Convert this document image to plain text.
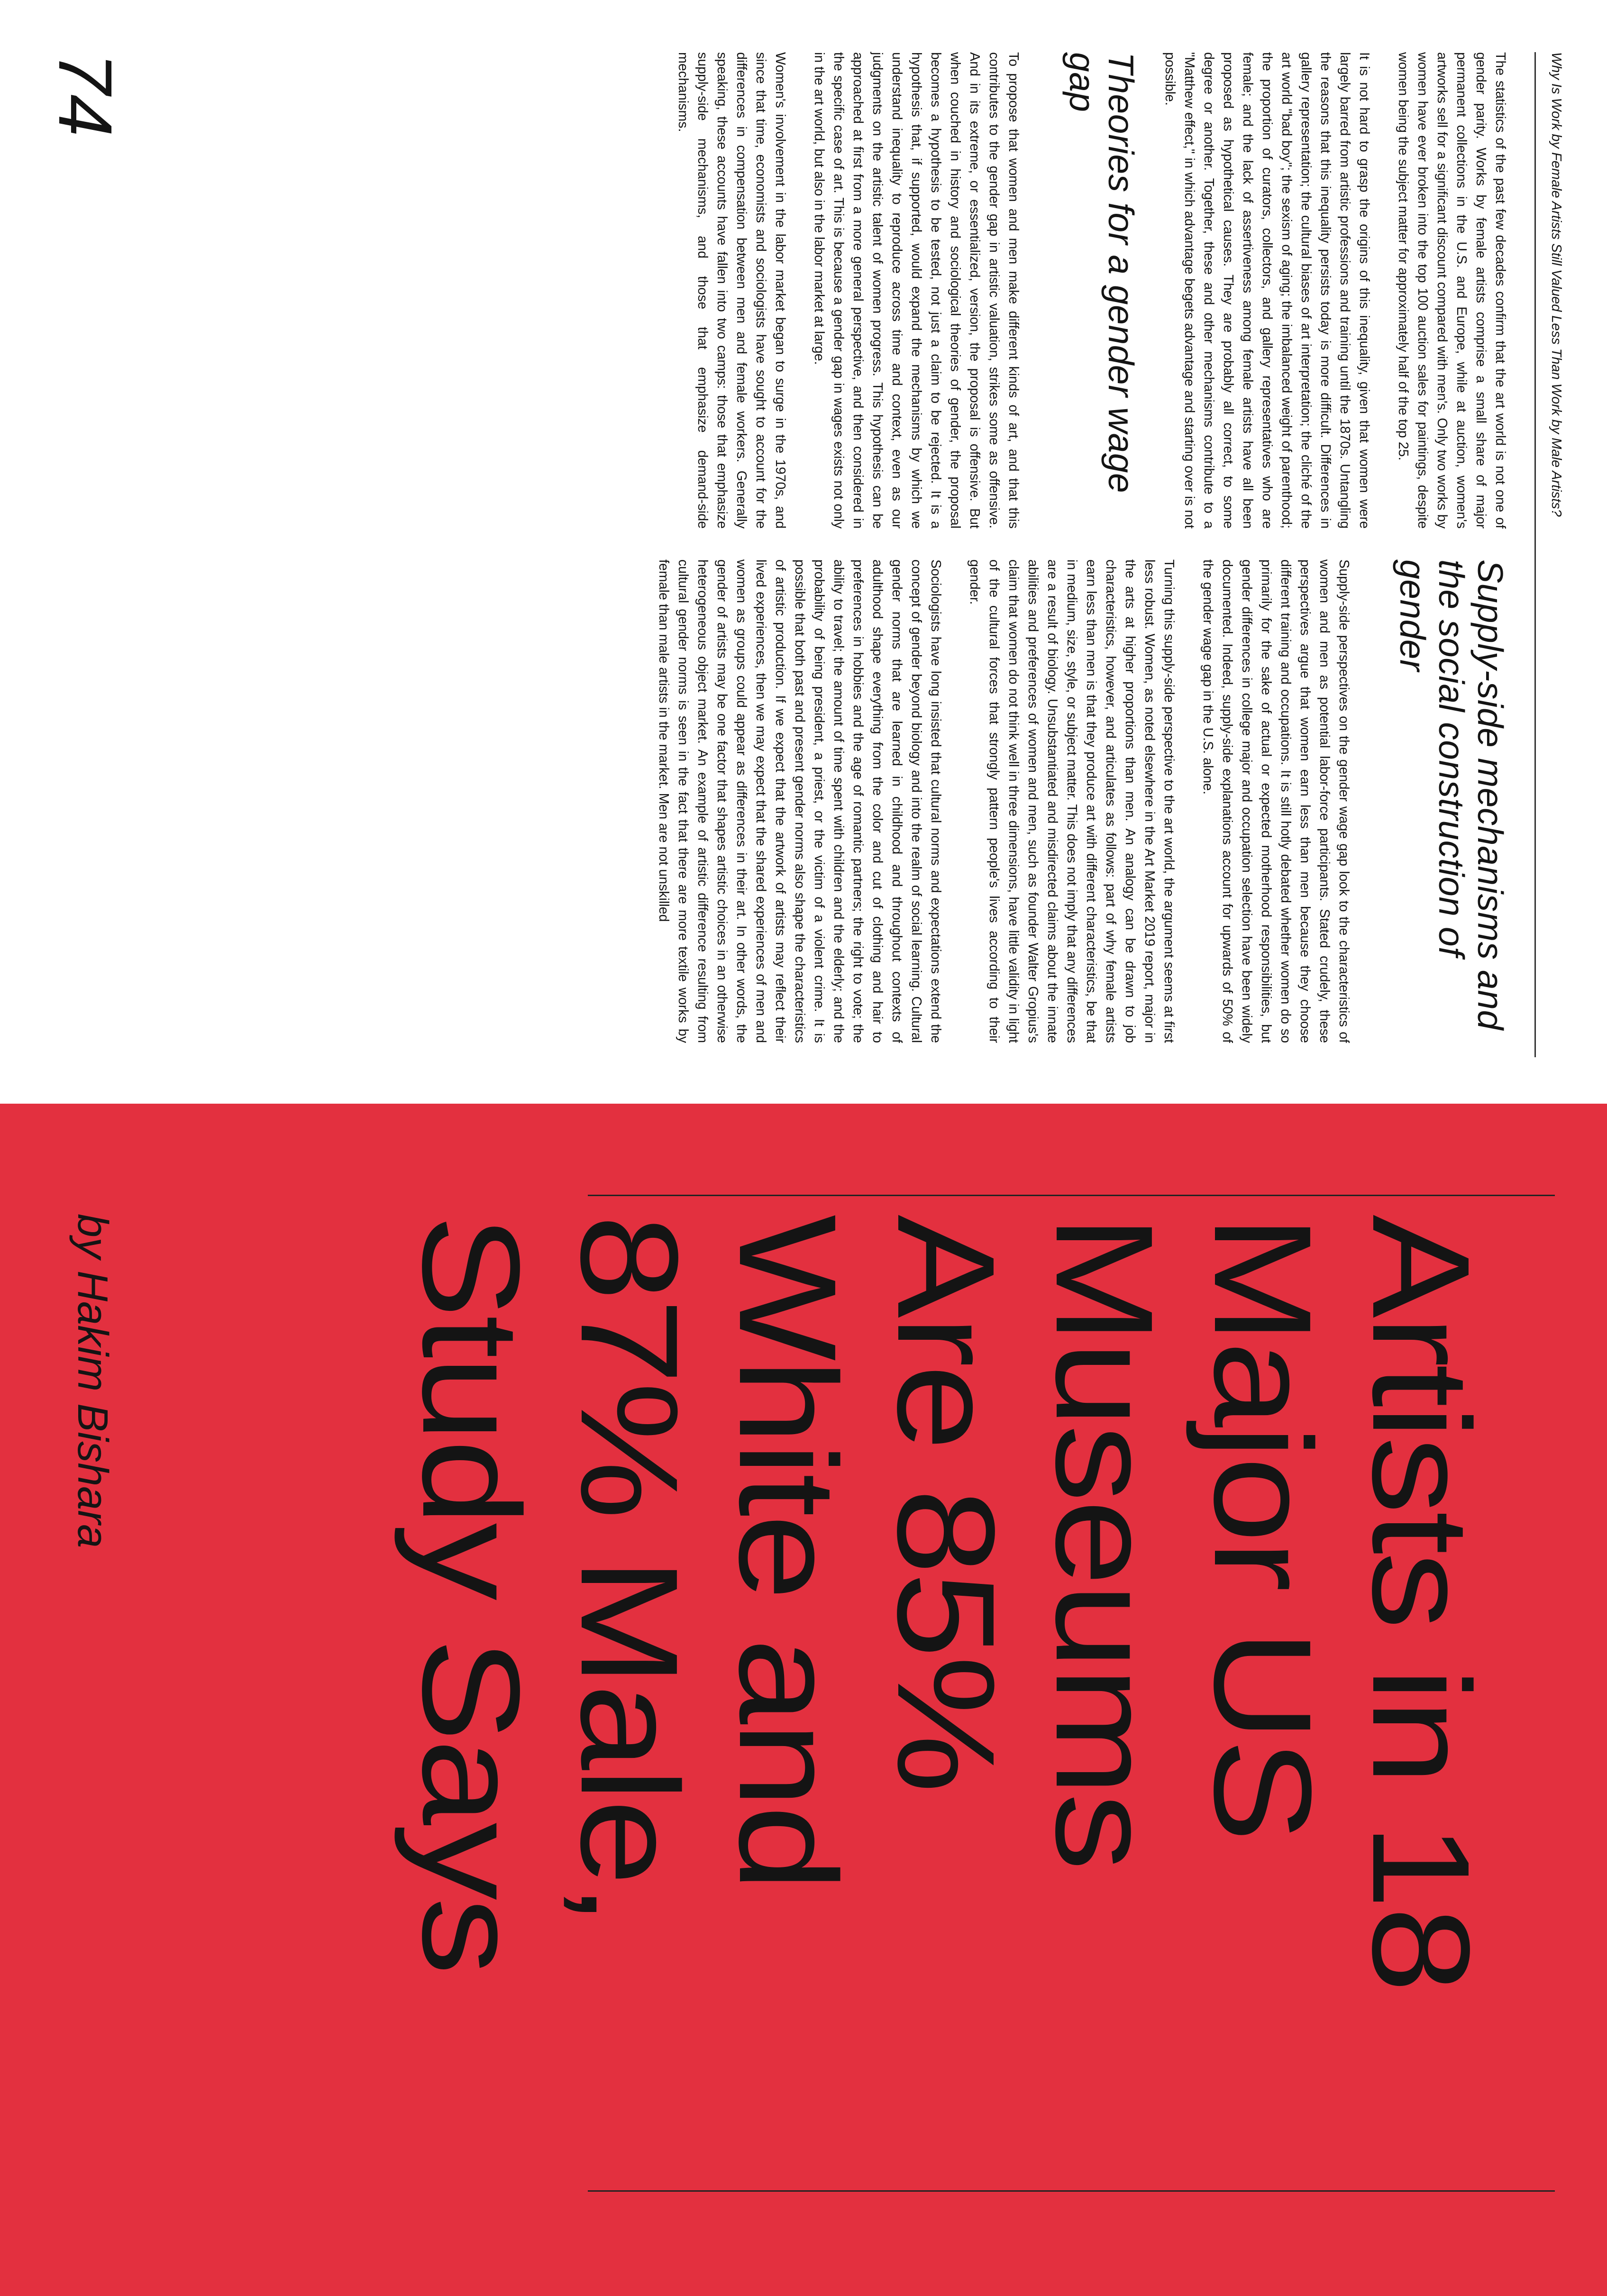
Why Is Work by Female Artists Still Valued Less Than Work by Male Artists?

The statistics of the past few decades confirm that the art world is not one of gender parity. Works by female artists comprise a small share of major permanent collections in the U.S. and Europe, while at auction, women's artworks sell for a significant discount compared with men's. Only two works by women have ever broken into the top 100 auction sales for paintings, despite women being the subject matter for approximately half of the top 25.

It is not hard to grasp the origins of this inequality, given that women were largely barred from artistic professions and training until the 1870s. Untangling the reasons that this inequality persists today is more difficult. Differences in gallery representation; the cultural biases of art interpretation; the cliché of the art world "bad boy"; the sexism of aging; the imbalanced weight of parenthood; the proportion of curators, collectors, and gallery representatives who are female; and the lack of assertiveness among female artists have all been proposed as hypothetical causes. They are probably all correct, to some degree or another. Together, these and other mechanisms contribute to a "Matthew effect," in which advantage begets advantage and starting over is not possible.

Theories for a gender wage gap

To propose that women and men make different kinds of art, and that this contributes to the gender gap in artistic valuation, strikes some as offensive. And in its extreme, or essentialized, version, the proposal is offensive. But when couched in history and sociological theories of gender, the proposal becomes a hypothesis to be tested, not just a claim to be rejected. It is a hypothesis that, if supported, would expand the mechanisms by which we understand inequality to reproduce across time and context, even as our judgments on the artistic talent of women progress. This hypothesis can be approached at first from a more general perspective, and then considered in the specific case of art. This is because a gender gap in wages exists not only in the art world, but also in the labor market at large.

Women's involvement in the labor market began to surge in the 1970s, and since that time, economists and sociologists have sought to account for the differences in compensation between men and female workers. Generally speaking, these accounts have fallen into two camps: those that emphasize supply-side mechanisms, and those that emphasize demand-side mechanisms.

Supply-side mechanisms and the social construction of gender

Supply-side perspectives on the gender wage gap look to the characteristics of women and men as potential labor-force participants. Stated crudely, these perspectives argue that women earn less than men because they choose different training and occupations. It is still hotly debated whether women do so primarily for the sake of actual or expected motherhood responsibilities, but gender differences in college major and occupation selection have been widely documented. Indeed, supply-side explanations account for upwards of 50% of the gender wage gap in the U.S. alone.

Turning this supply-side perspective to the art world, the argument seems at first less robust. Women, as noted elsewhere in the Art Market 2019 report, major in the arts at higher proportions than men. An analogy can be drawn to job characteristics, however, and articulates as follows: part of why female artists earn less than men is that they produce art with different characteristics, be that in medium, size, style, or subject matter. This does not imply that any differences are a result of biology. Unsubstantiated and misdirected claims about the innate abilities and preferences of women and men, such as founder Walter Gropius's claim that women do not think well in three dimensions, have little validity in light of the cultural forces that strongly pattern people's lives according to their gender.

Sociologists have long insisted that cultural norms and expectations extend the concept of gender beyond biology and into the realm of social learning. Cultural gender norms that are learned in childhood and throughout contexts of adulthood shape everything from the color and cut of clothing and hair to preferences in hobbies and the age of romantic partners; the right to vote; the ability to travel; the amount of time spent with children and the elderly; and the probability of being president, a priest, or the victim of a violent crime. It is possible that both past and present gender norms also shape the characteristics of artistic production. If we expect that the artwork of artists may reflect their lived experiences, then we may expect that the shared experiences of men and women as groups could appear as differences in their art. In other words, the gender of artists may be one factor that shapes artistic choices in an otherwise heterogeneous object market. An example of artistic difference resulting from cultural gender norms is seen in the fact that there are more textile works by female than male artists in the market. Men are not unskilled

74
Artists in 18
Major US
Museums
Are 85%
White and
87% Male,
Study Says
by Hakim Bishara
